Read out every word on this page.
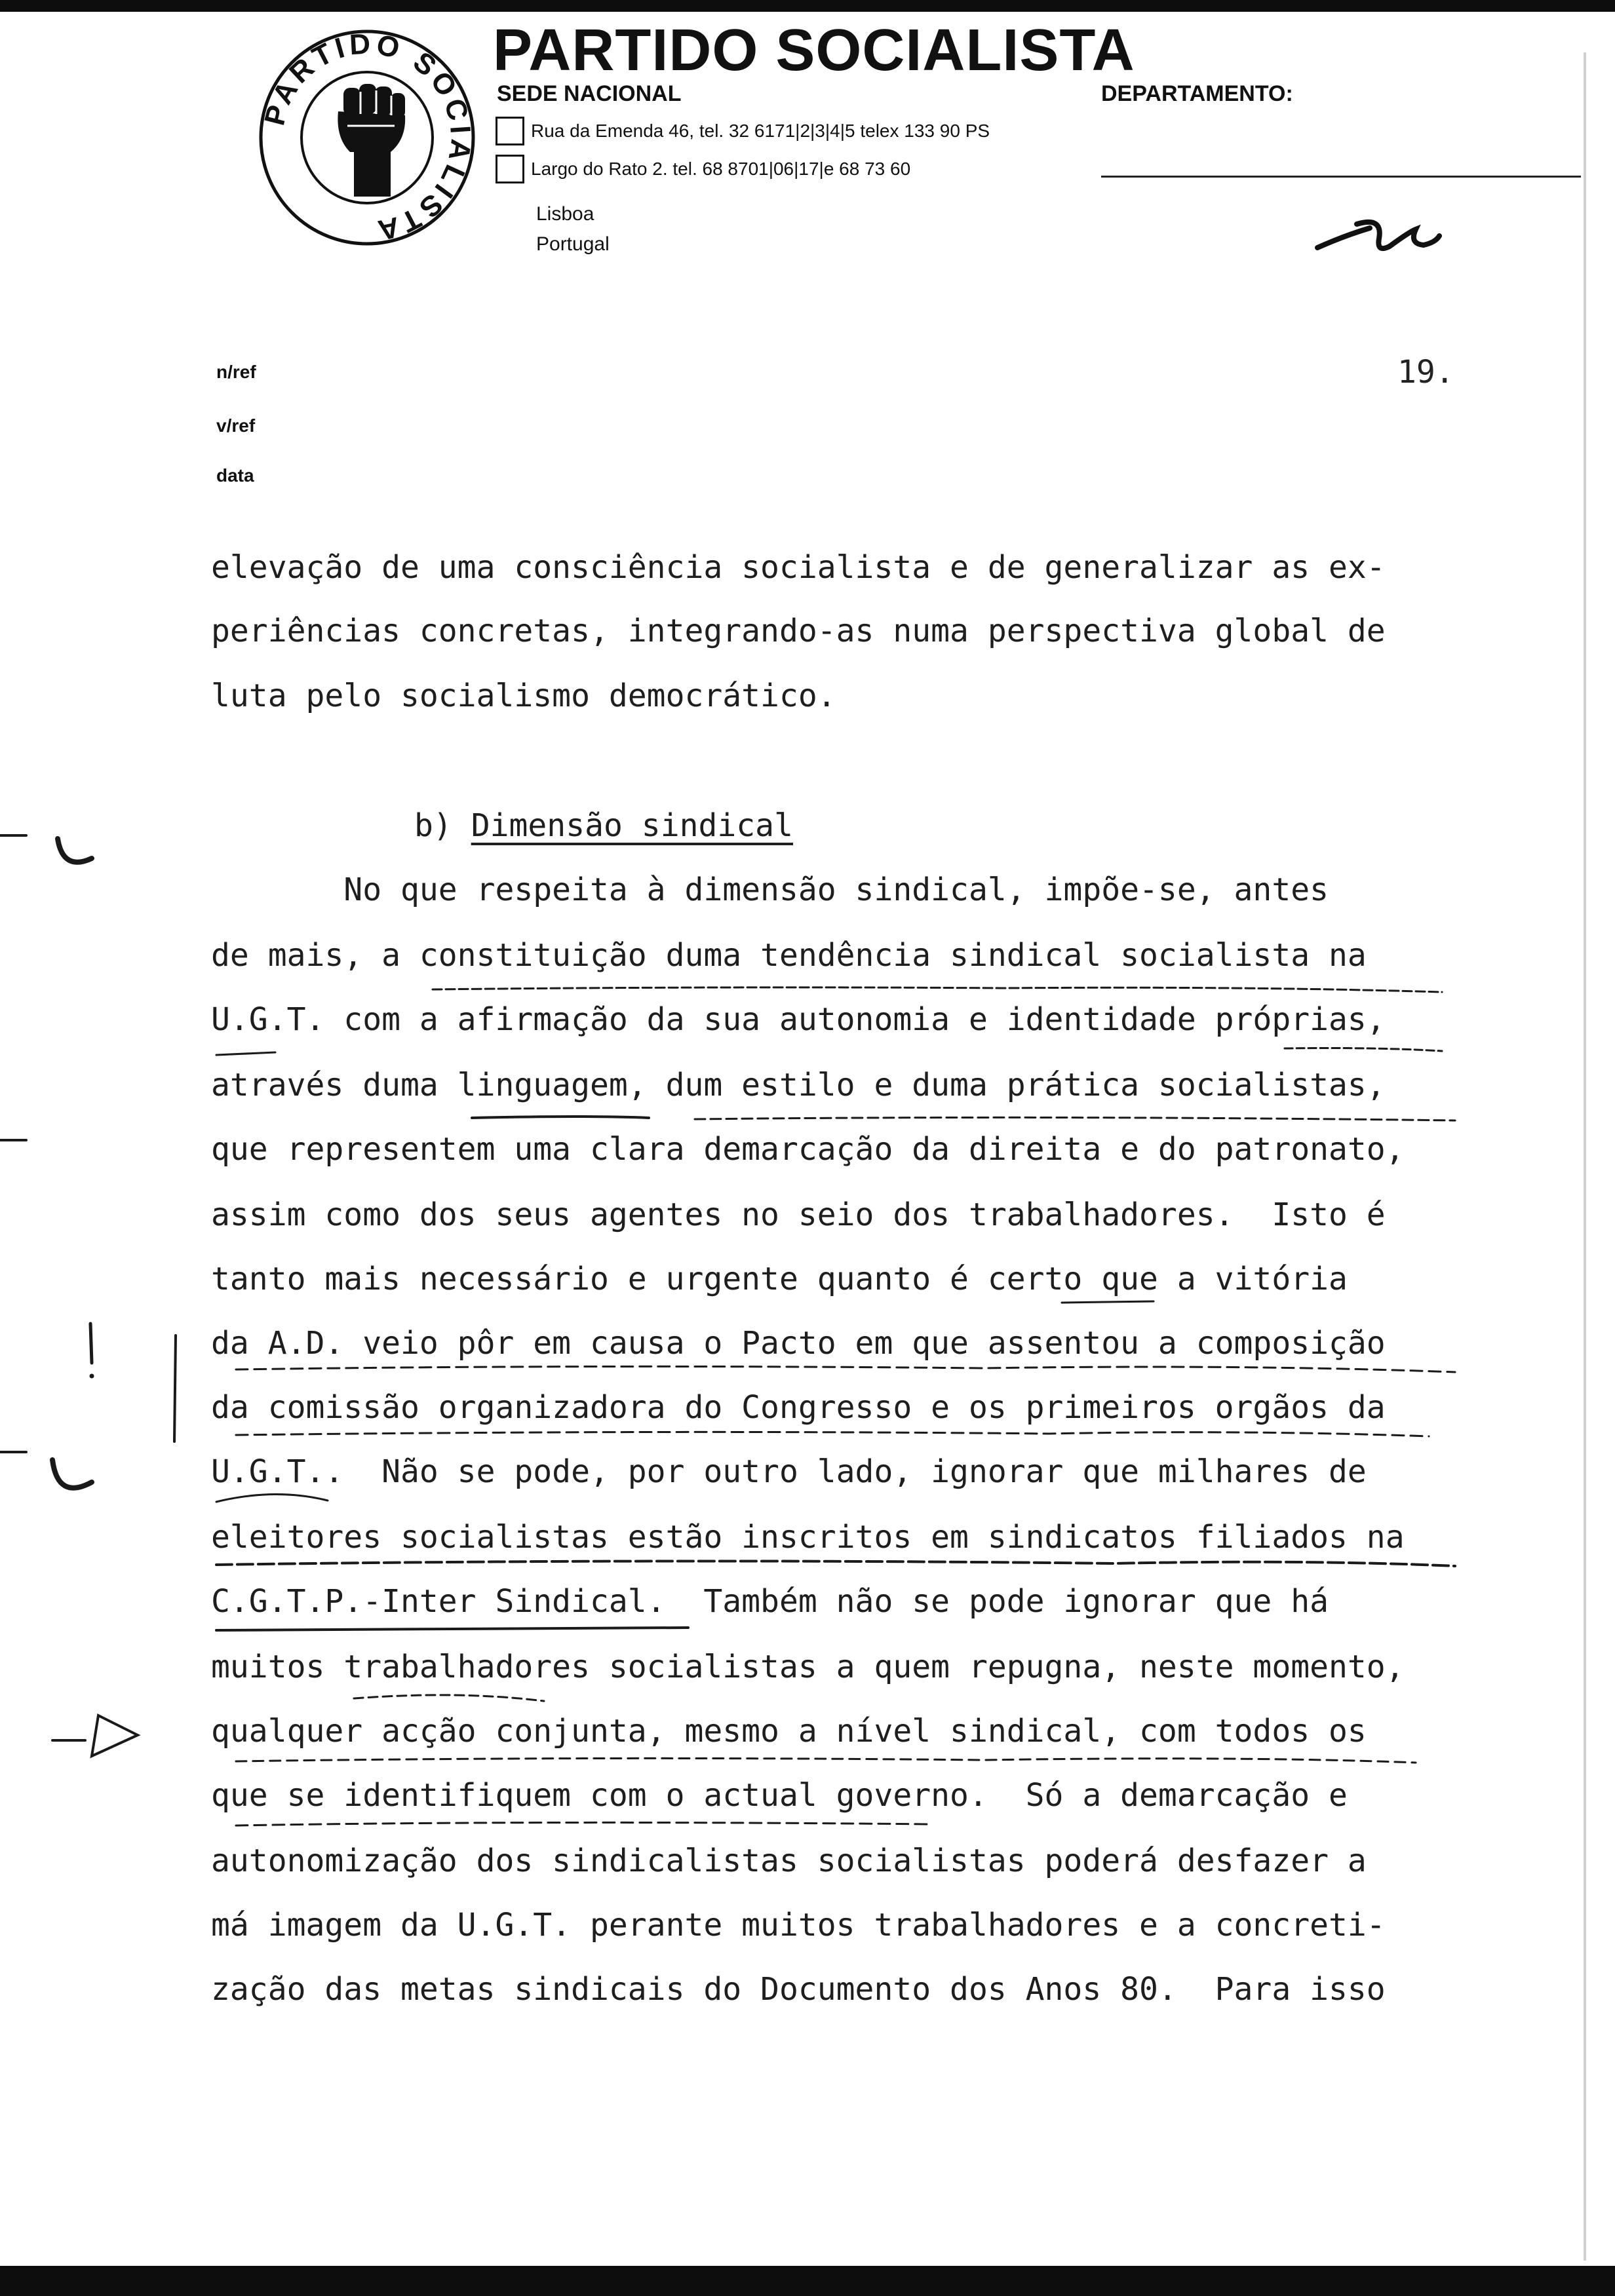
PARTIDO SOCIALISTA
PARTIDO SOCIALISTA
SEDE NACIONAL	DEPARTAMENTO:
Rua da Emenda 46, tel. 32 6171|2|3|4|5 telex 133 90 PS
Largo do Rato 2. tel. 68 8701|06|17|e 68 73 60
Lisboa
Portugal
n/ref
v/ref
data
19.
elevação de uma consciência socialista e de generalizar as ex-
periências concretas, integrando-as numa perspectiva global de
luta pelo socialismo democrático.
b) Dimensão sindical
No que respeita à dimensão sindical, impõe-se, antes
de mais, a constituição duma tendência sindical socialista na
U.G.T. com a afirmação da sua autonomia e identidade próprias,
através duma linguagem, dum estilo e duma prática socialistas,
que representem uma clara demarcação da direita e do patronato,
assim como dos seus agentes no seio dos trabalhadores.  Isto é
tanto mais necessário e urgente quanto é certo que a vitória
da A.D. veio pôr em causa o Pacto em que assentou a composição
da comissão organizadora do Congresso e os primeiros orgãos da
U.G.T..  Não se pode, por outro lado, ignorar que milhares de
eleitores socialistas estão inscritos em sindicatos filiados na
C.G.T.P.-Inter Sindical.  Também não se pode ignorar que há
muitos trabalhadores socialistas a quem repugna, neste momento,
qualquer acção conjunta, mesmo a nível sindical, com todos os
que se identifiquem com o actual governo.  Só a demarcação e
autonomização dos sindicalistas socialistas poderá desfazer a
má imagem da U.G.T. perante muitos trabalhadores e a concreti-
zação das metas sindicais do Documento dos Anos 80.  Para isso
